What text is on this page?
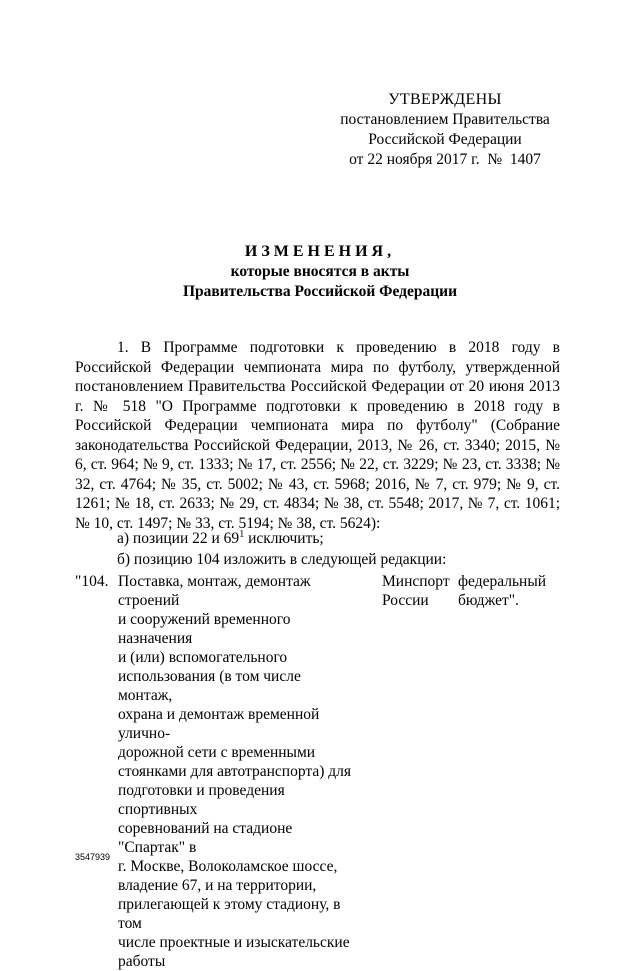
УТВЕРЖДЕНЫ
постановлением Правительства
Российской Федерации
от 22 ноября 2017 г.  №  1407
ИЗМЕНЕНИЯ,
которые вносятся в акты
Правительства Российской Федерации
1. В Программе подготовки к проведению в 2018 году в Российской Федерации чемпионата мира по футболу, утвержденной постановлением Правительства Российской Федерации от 20 июня 2013 г. № 518 "О Программе подготовки к проведению в 2018 году в Российской Федерации чемпионата мира по футболу" (Собрание законодательства Российской Федерации, 2013, № 26, ст. 3340; 2015, № 6, ст. 964; № 9, ст. 1333; № 17, ст. 2556; № 22, ст. 3229; № 23, ст. 3338; № 32, ст. 4764; № 35, ст. 5002; № 43, ст. 5968; 2016, № 7, ст. 979; № 9, ст. 1261; № 18, ст. 2633; № 29, ст. 4834; № 38, ст. 5548; 2017, № 7, ст. 1061; № 10, ст. 1497; № 33, ст. 5194; № 38, ст. 5624):
а) позиции 22 и $69^1$ исключить;
б) позицию 104 изложить в следующей редакции:
"104. Поставка, монтаж, демонтаж строений
и сооружений временного назначения
и (или) вспомогательного
использования (в том числе монтаж,
охрана и демонтаж временной улично-
дорожной сети с временными
стоянками для автотранспорта) для
подготовки и проведения спортивных
соревнований на стадионе "Спартак" в
г. Москве, Волоколамское шоссе,
владение 67, и на территории,
прилегающей к этому стадиону, в том
числе проектные и изыскательские
работы
Минспорт
России
федеральный
бюджет".
3547939
